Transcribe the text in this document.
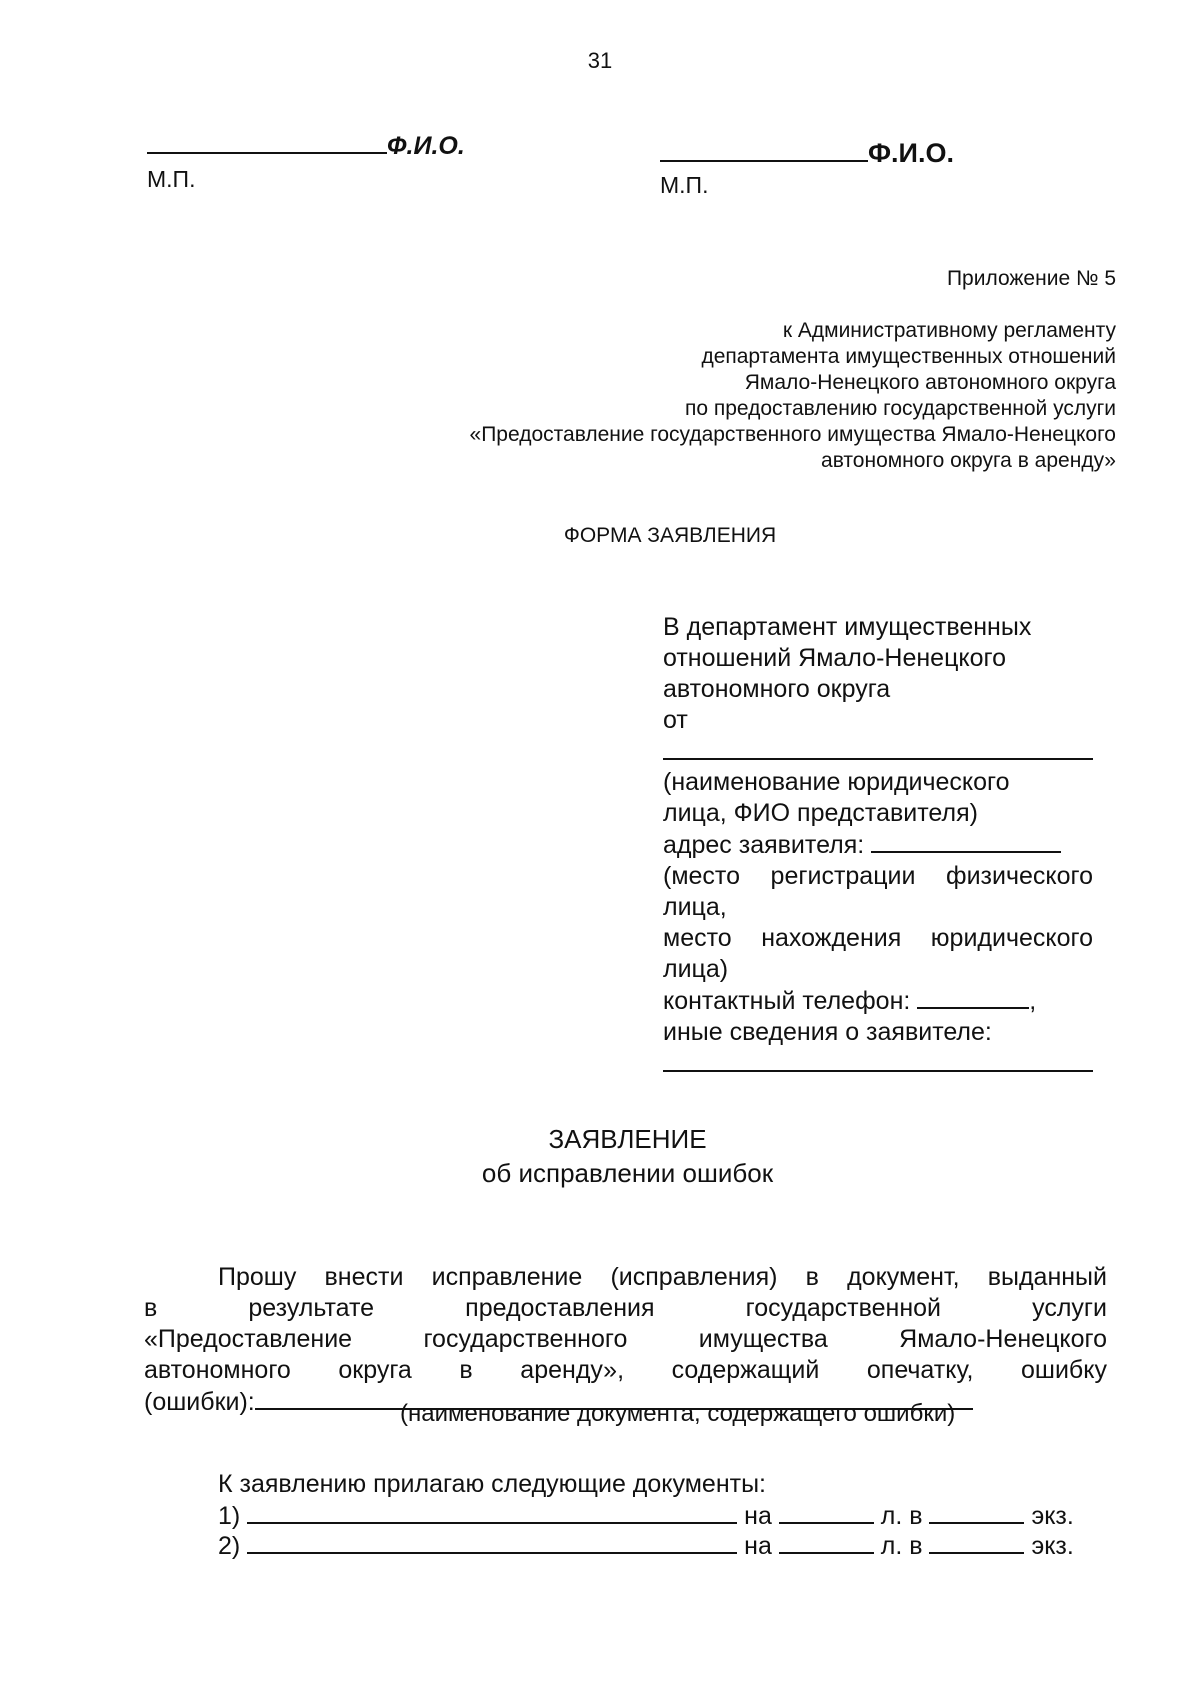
31
Ф.И.О.
М.П.
Ф.И.О.
М.П.
Приложение № 5
к Административному регламенту
департамента имущественных отношений
Ямало-Ненецкого автономного округа
по предоставлению государственной услуги
«Предоставление государственного имущества Ямало-Ненецкого
автономного округа в аренду»
ФОРМА ЗАЯВЛЕНИЯ
В департамент имущественных
отношений Ямало-Ненецкого
автономного округа
от
(наименование юридического
лица, ФИО представителя)
адрес заявителя:
(место регистрации физического
лица,
место нахождения юридического
лица)
контактный телефон:	,
иные сведения о заявителе:
ЗАЯВЛЕНИЕ
об исправлении ошибок
Прошу внести исправление (исправления) в документ, выданный
в	результате	предоставления	государственной	услуги
«Предоставление	государственного	имущества	Ямало-Ненецкого
автономного округа в аренду», содержащий опечатку, ошибку
(ошибки):	(наименование документа, содержащего ошибки)
К заявлению прилагаю следующие документы:
1)	на	л. в	экз.
2)	на	л. в	экз.
